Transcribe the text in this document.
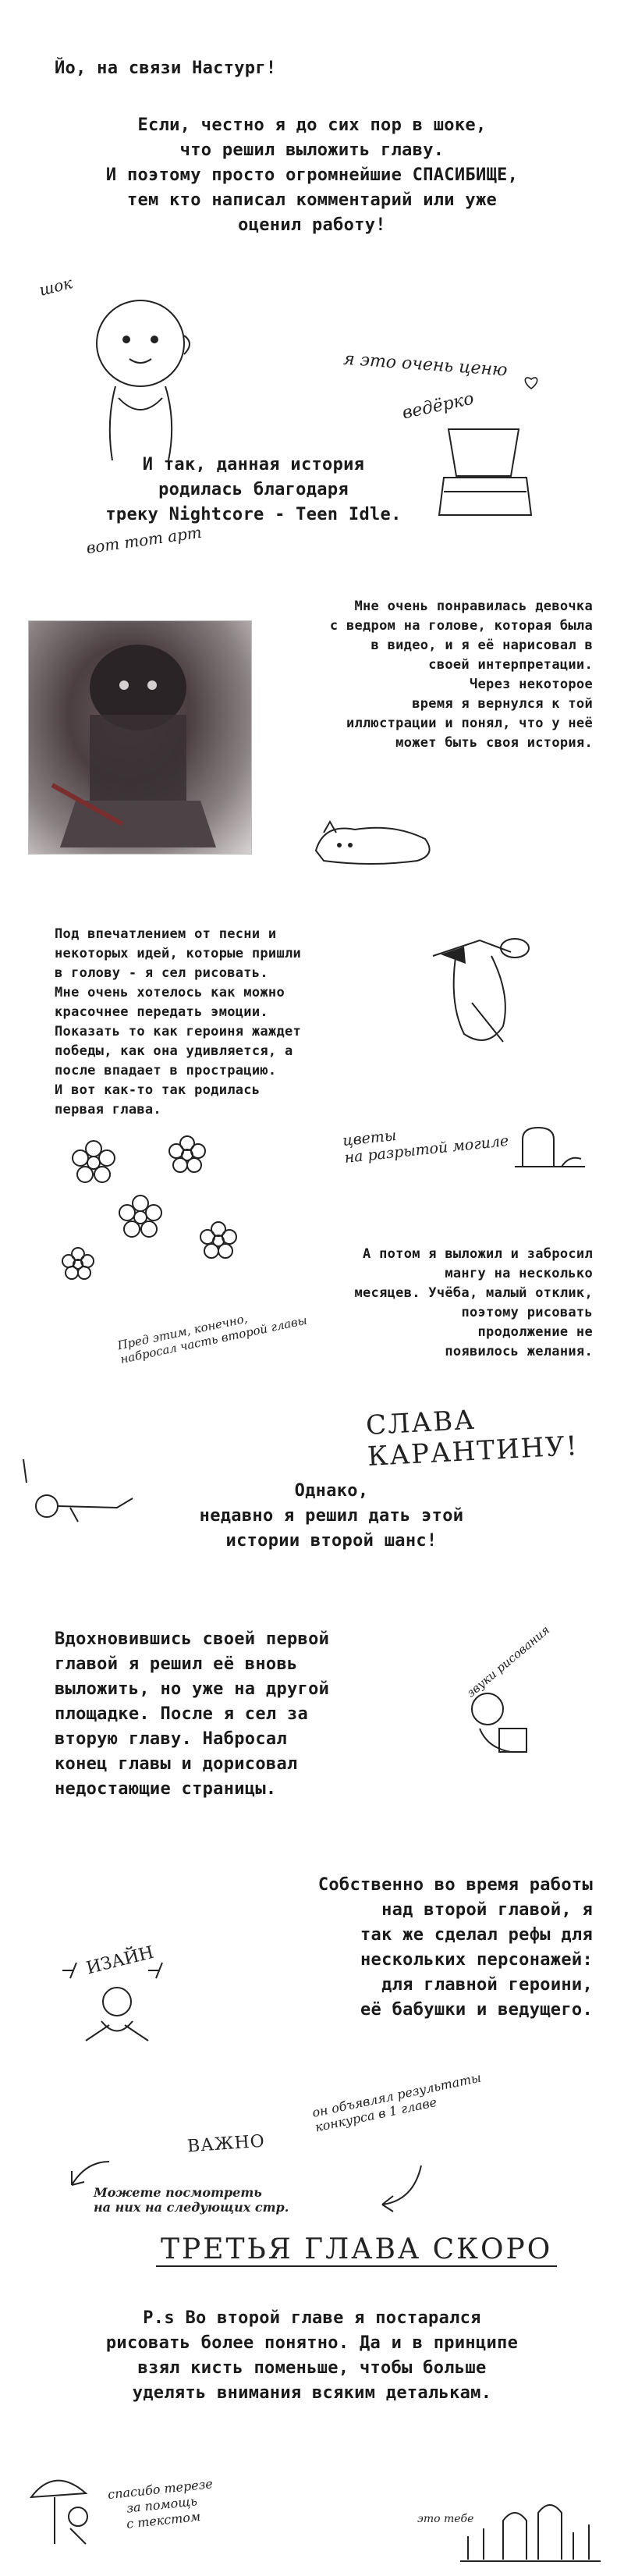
Йо, на связи Настург!
Если, честно я до сих пор в шоке,
что решил выложить главу.
И поэтому просто огромнейшие СПАСИБИЩЕ,
тем кто написал комментарий или уже
оценил работу!
шок
я это очень ценю
ведёрко
И так, данная история
родилась благодаря
треку Nightcore - Teen Idle.
вот тот арт
Мне очень понравилась девочка
с ведром на голове, которая была
в видео, и я её нарисовал в
своей интерпретации.
Через некоторое
время я вернулся к той
иллюстрации и понял, что у неё
может быть своя история.
Под впечатлением от песни и
некоторых идей, которые пришли
в голову - я сел рисовать.
Мне очень хотелось как можно
красочнее передать эмоции.
Показать то как героиня жаждет
победы, как она удивляется, а
после впадает в прострацию.
И вот как-то так родилась
первая глава.
цветы
на разрытой могиле
А потом я выложил и забросил
мангу на несколько
месяцев. Учёба, малый отклик,
поэтому рисовать
продолжение не
появилось желания.
Пред этим, конечно,
набросал часть второй главы
СЛАВА
КАРАНТИНУ!
Однако,
недавно я решил дать этой
истории второй шанс!
Вдохновившись своей первой
главой я решил её вновь
выложить, но уже на другой
площадке. После я сел за
вторую главу. Набросал
конец главы и дорисовал
недостающие страницы.
звуки рисования
Собственно во время работы
над второй главой, я
так же сделал рефы для
нескольких персонажей:
для главной героини,
её бабушки и ведущего.
ИЗАЙН
он объявлял результаты
конкурса в 1 главе
ВАЖНО
Можете посмотреть
на них на следующих стр.
ТРЕТЬЯ ГЛАВА СКОРО
P.s Во второй главе я постарался
рисовать более понятно. Да и в принципе
взял кисть поменьше, чтобы больше
уделять внимания всяким деталькам.
спасибо терезе
за помощь
с текстом	это тебе
